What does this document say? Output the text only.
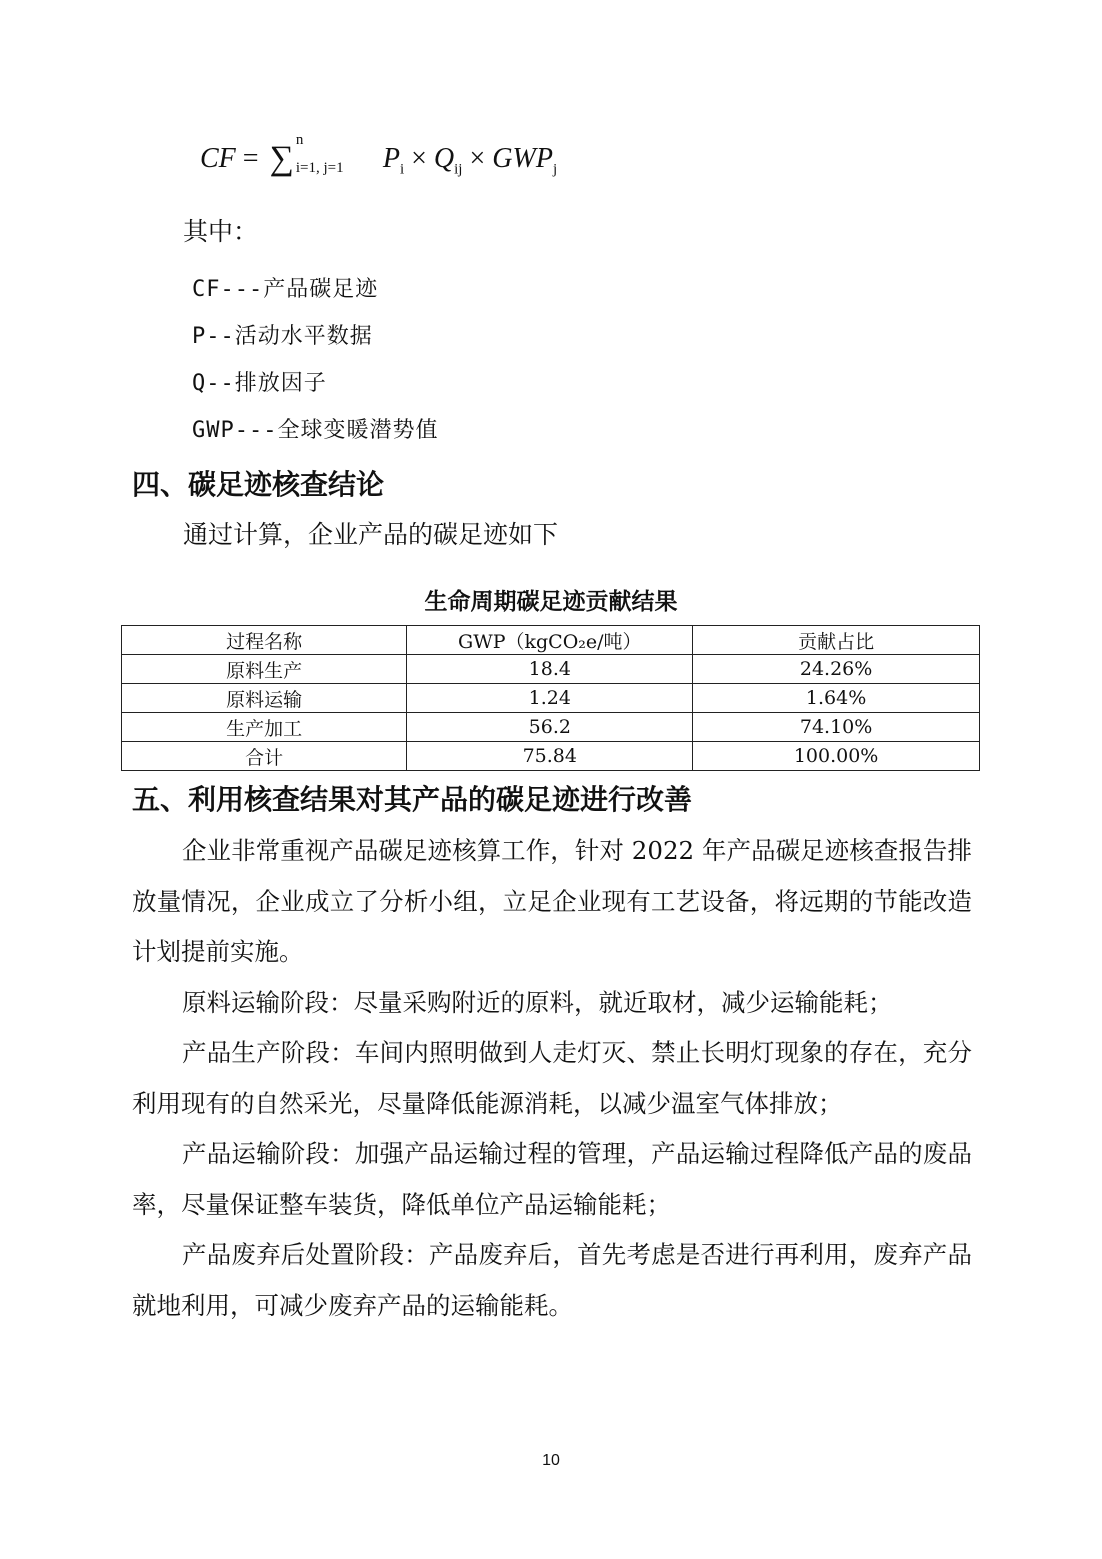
CF = ∑
n
i=1, j=1 $P_i \times Q_{ij} \times GWP_j$
其中：
CF---产品碳足迹
P--活动水平数据
Q--排放因子
GWP---全球变暖潜势值
四、碳足迹核查结论
通过计算，企业产品的碳足迹如下
生命周期碳足迹贡献结果
过程名称	GWP（kgCO₂e/吨）	贡献占比
原料生产	18.4	24.26%
原料运输	1.24	1.64%
生产加工	56.2	74.10%
合计	75.84	100.00%
五、利用核查结果对其产品的碳足迹进行改善

企业非常重视产品碳足迹核算工作，针对 2022 年产品碳足迹核查报告排放量情况，企业成立了分析小组，立足企业现有工艺设备，将远期的节能改造计划提前实施。

原料运输阶段：尽量采购附近的原料，就近取材，减少运输能耗；

产品生产阶段：车间内照明做到人走灯灭、禁止长明灯现象的存在，充分利用现有的自然采光，尽量降低能源消耗，以减少温室气体排放；

产品运输阶段：加强产品运输过程的管理，产品运输过程降低产品的废品率，尽量保证整车装货，降低单位产品运输能耗；

产品废弃后处置阶段：产品废弃后，首先考虑是否进行再利用，废弃产品就地利用，可减少废弃产品的运输能耗。

10
